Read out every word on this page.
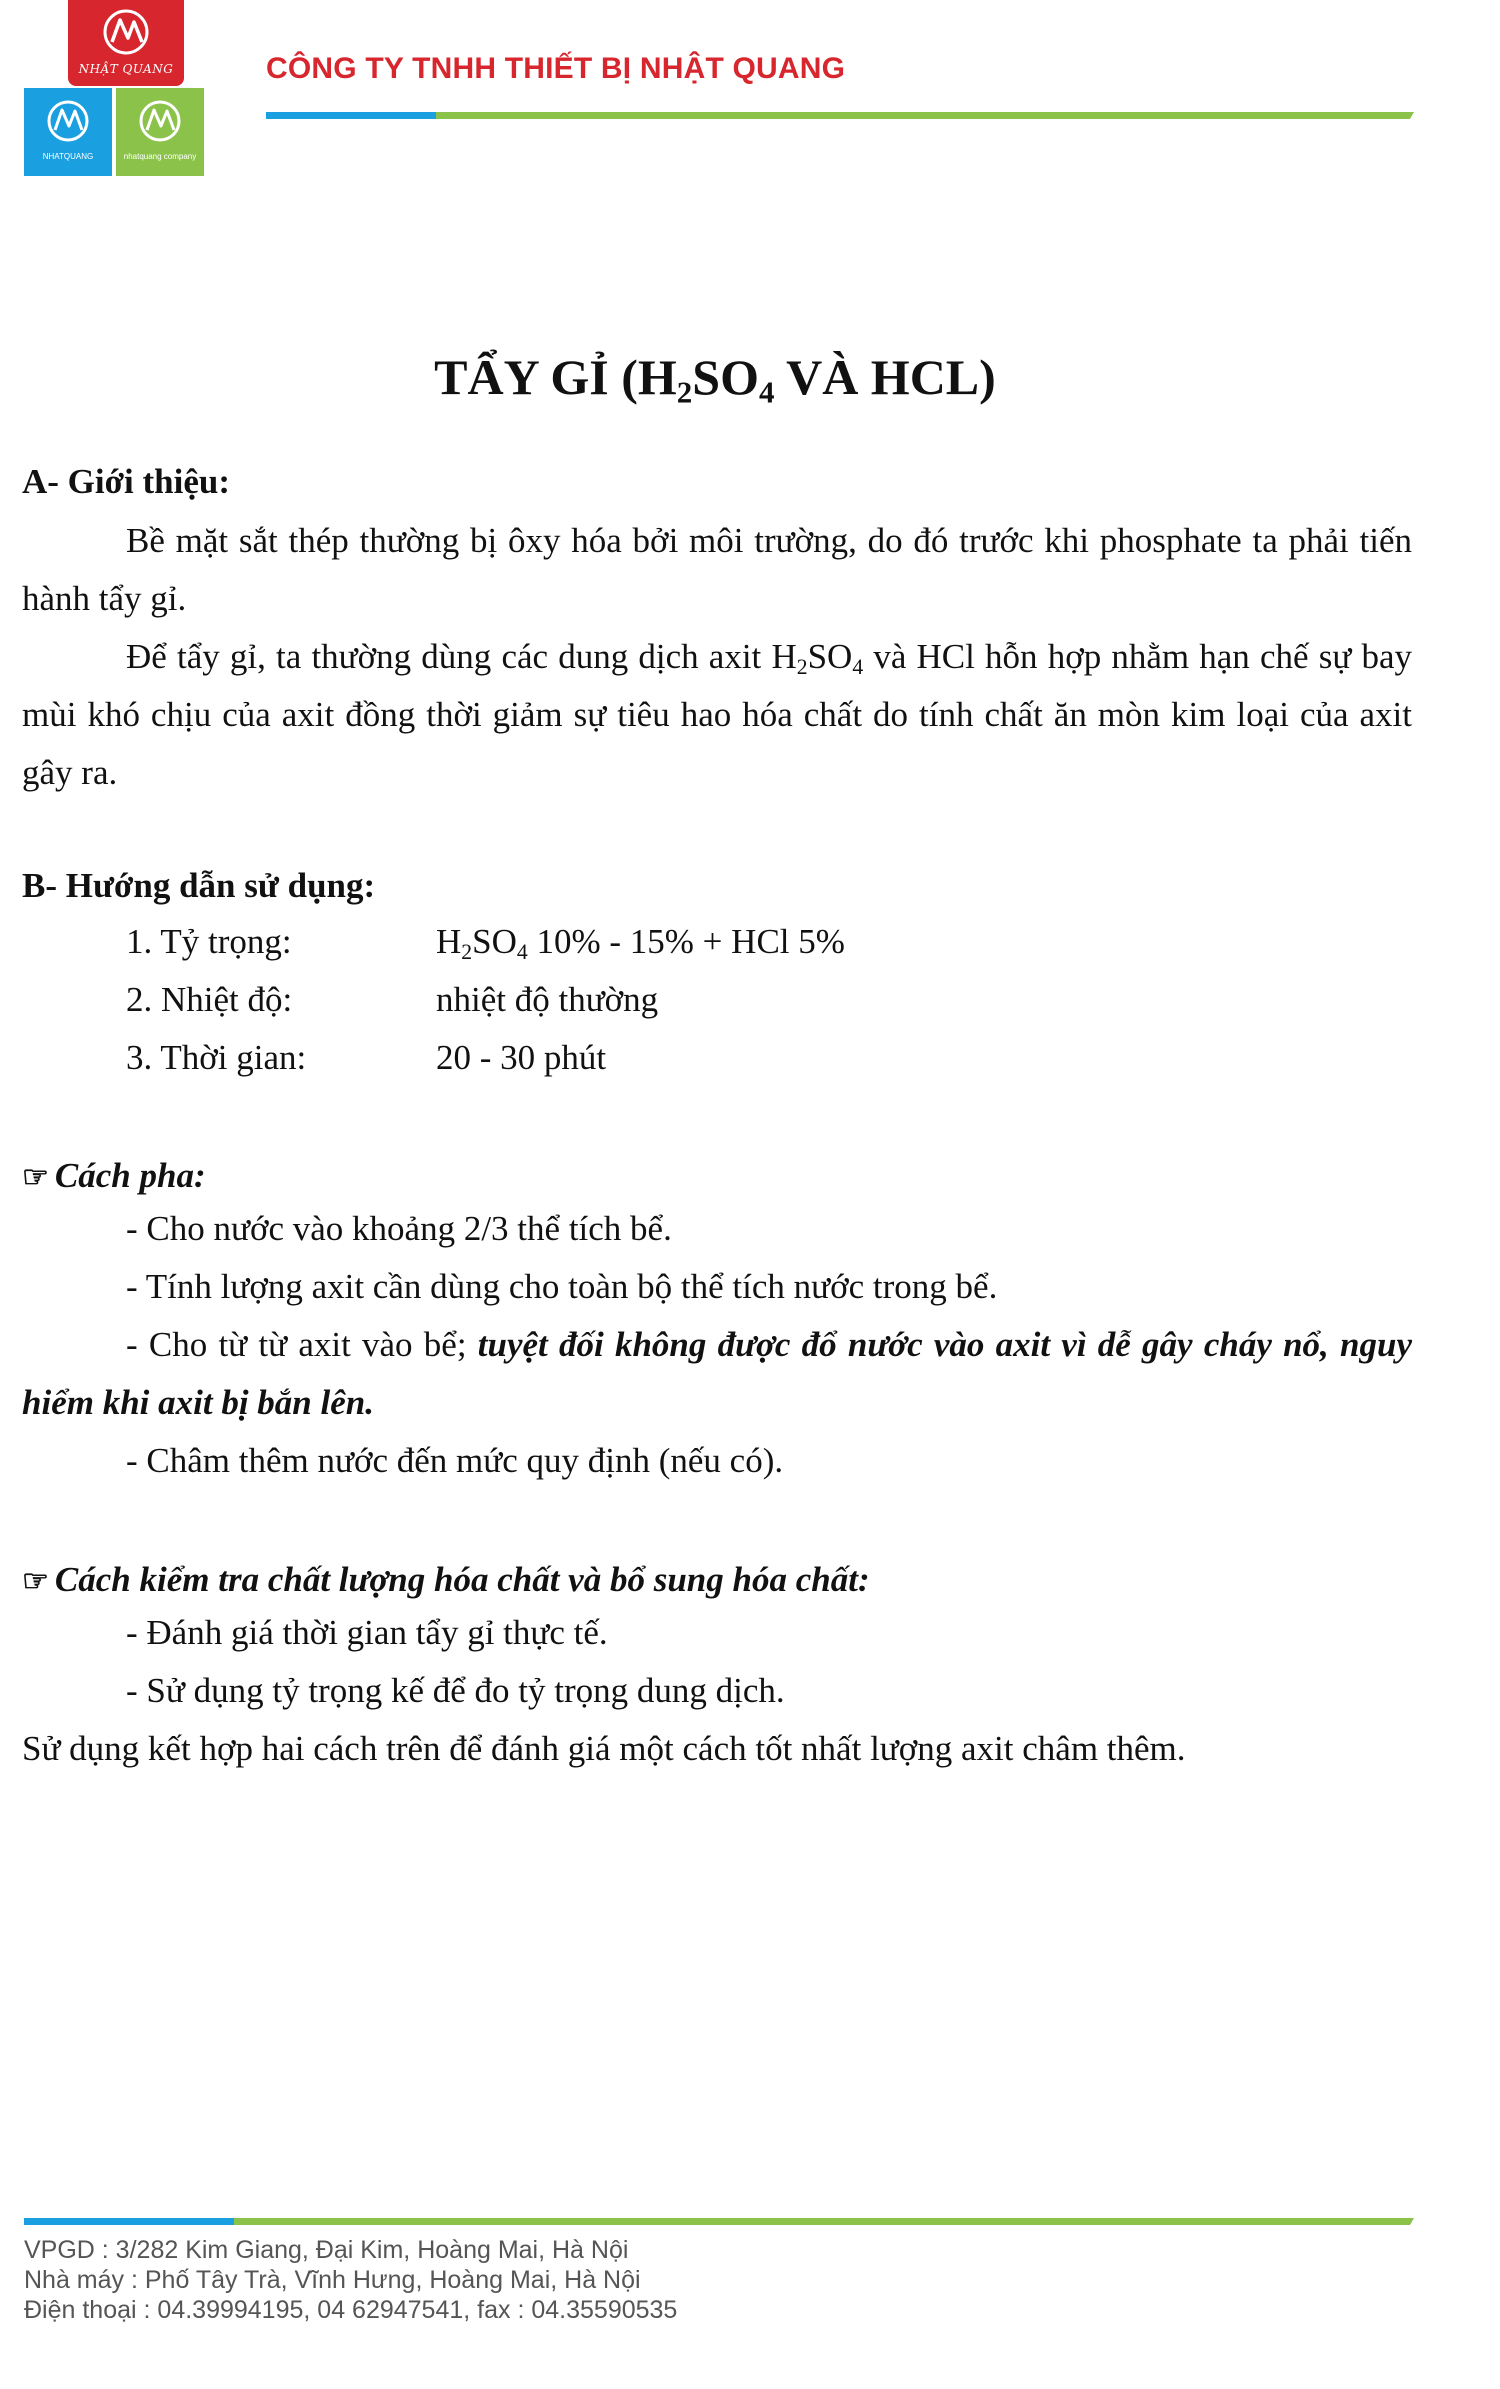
NHẬT QUANG
NHATQUANG	nhatquang company
CÔNG TY TNHH THIẾT BỊ NHẬT QUANG
TẨY GỈ ($H_2SO_4$ VÀ HCL)
A- Giới thiệu:
Bề mặt sắt thép thường bị ôxy hóa bởi môi trường, do đó trước khi phosphate ta phải tiến hành tẩy gỉ.
Để tẩy gỉ, ta thường dùng các dung dịch axit $H_2SO_4$ và HCl hỗn hợp nhằm hạn chế sự bay mùi khó chịu của axit đồng thời giảm sự tiêu hao hóa chất do tính chất ăn mòn kim loại của axit gây ra.
B- Hướng dẫn sử dụng:
1. Tỷ trọng:	$H_2SO_4$ 10% - 15% + HCl 5%
2. Nhiệt độ:	nhiệt độ thường
3. Thời gian:	20 - 30 phút
☞ Cách pha:
- Cho nước vào khoảng 2/3 thể tích bể.
- Tính lượng axit cần dùng cho toàn bộ thể tích nước trong bể.
- Cho từ từ axit vào bể; tuyệt đối không được đổ nước vào axit vì dễ gây cháy nổ, nguy hiểm khi axit bị bắn lên.
- Châm thêm nước đến mức quy định (nếu có).
☞ Cách kiểm tra chất lượng hóa chất và bổ sung hóa chất:
- Đánh giá thời gian tẩy gỉ thực tế.
- Sử dụng tỷ trọng kế để đo tỷ trọng dung dịch.
Sử dụng kết hợp hai cách trên để đánh giá một cách tốt nhất lượng axit châm thêm.
VPGD : 3/282 Kim Giang, Đại Kim, Hoàng Mai, Hà Nội
Nhà máy : Phố Tây Trà, Vĩnh Hưng, Hoàng Mai, Hà Nội
Điện thoại : 04.39994195, 04 62947541, fax : 04.35590535
